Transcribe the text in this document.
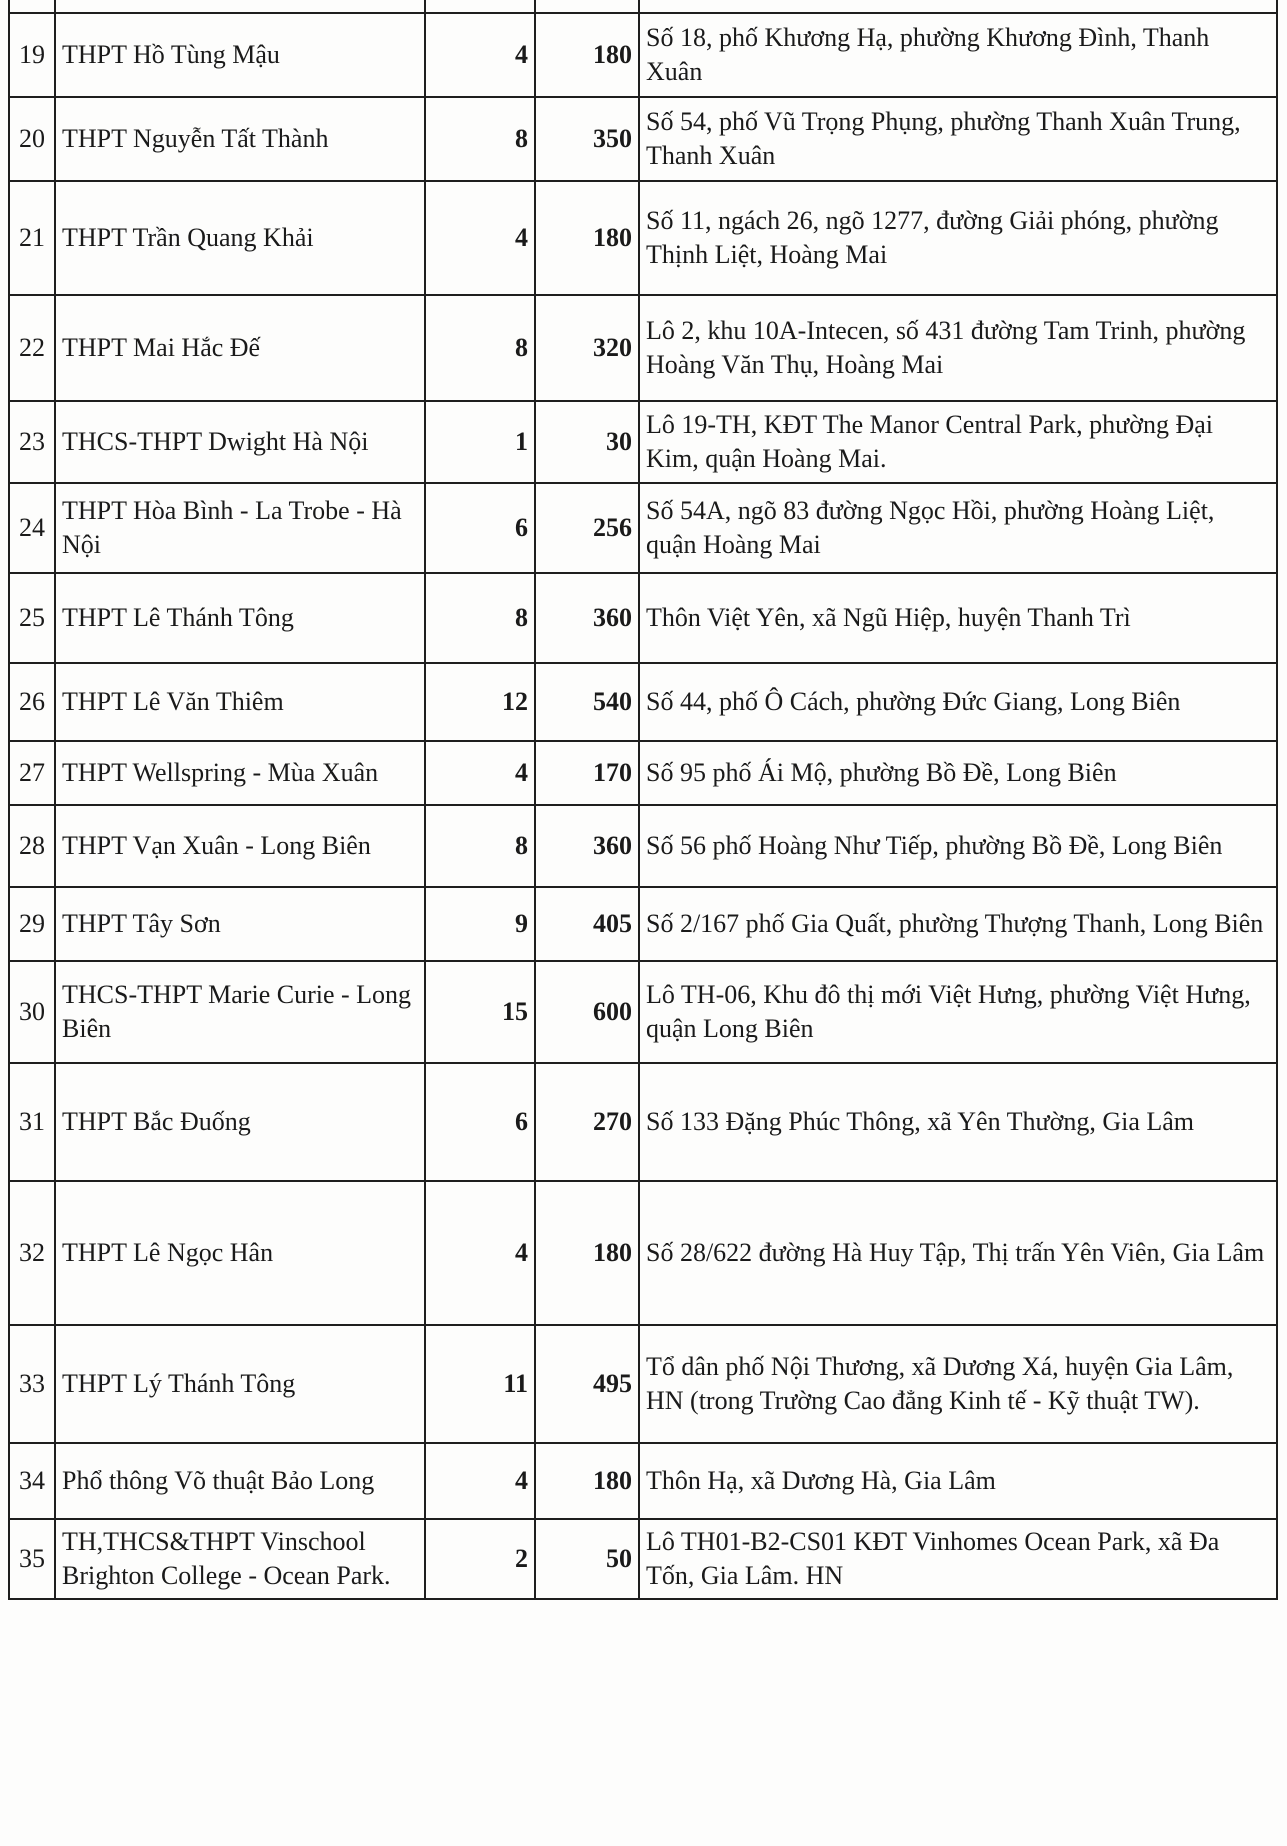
19	THPT Hồ Tùng Mậu	4	180	Số 18, phố Khương Hạ, phường Khương Đình, Thanh Xuân
20	THPT Nguyễn Tất Thành	8	350	Số 54, phố Vũ Trọng Phụng, phường Thanh Xuân Trung, Thanh Xuân
21	THPT Trần Quang Khải	4	180	Số 11, ngách 26, ngõ 1277, đường Giải phóng, phường Thịnh Liệt, Hoàng Mai
22	THPT Mai Hắc Đế	8	320	Lô 2, khu 10A-Intecen, số 431 đường Tam Trinh, phường Hoàng Văn Thụ, Hoàng Mai
23	THCS-THPT Dwight Hà Nội	1	30	Lô 19-TH, KĐT The Manor Central Park, phường Đại Kim, quận Hoàng Mai.
24	THPT Hòa Bình - La Trobe - Hà Nội	6	256	Số 54A, ngõ 83 đường Ngọc Hồi, phường Hoàng Liệt, quận Hoàng Mai
25	THPT Lê Thánh Tông	8	360	Thôn Việt Yên, xã Ngũ Hiệp, huyện Thanh Trì
26	THPT Lê Văn Thiêm	12	540	Số 44, phố Ô Cách, phường Đức Giang, Long Biên
27	THPT Wellspring - Mùa Xuân	4	170	Số 95 phố Ái Mộ, phường Bồ Đề, Long Biên
28	THPT Vạn Xuân - Long Biên	8	360	Số 56 phố Hoàng Như Tiếp, phường Bồ Đề, Long Biên
29	THPT Tây Sơn	9	405	Số 2/167 phố Gia Quất, phường Thượng Thanh, Long Biên
30	THCS-THPT Marie Curie - Long Biên	15	600	Lô TH-06, Khu đô thị mới Việt Hưng, phường Việt Hưng, quận Long Biên
31	THPT Bắc Đuống	6	270	Số 133 Đặng Phúc Thông, xã Yên Thường, Gia Lâm
32	THPT Lê Ngọc Hân	4	180	Số 28/622 đường Hà Huy Tập, Thị trấn Yên Viên, Gia Lâm
33	THPT Lý Thánh Tông	11	495	Tổ dân phố Nội Thương, xã Dương Xá, huyện Gia Lâm, HN (trong Trường Cao đẳng Kinh tế - Kỹ thuật TW).
34	Phổ thông Võ thuật Bảo Long	4	180	Thôn Hạ, xã Dương Hà, Gia Lâm
35	TH,THCS&THPT Vinschool Brighton College - Ocean Park.	2	50	Lô TH01-B2-CS01 KĐT Vinhomes Ocean Park, xã Đa Tốn, Gia Lâm. HN
